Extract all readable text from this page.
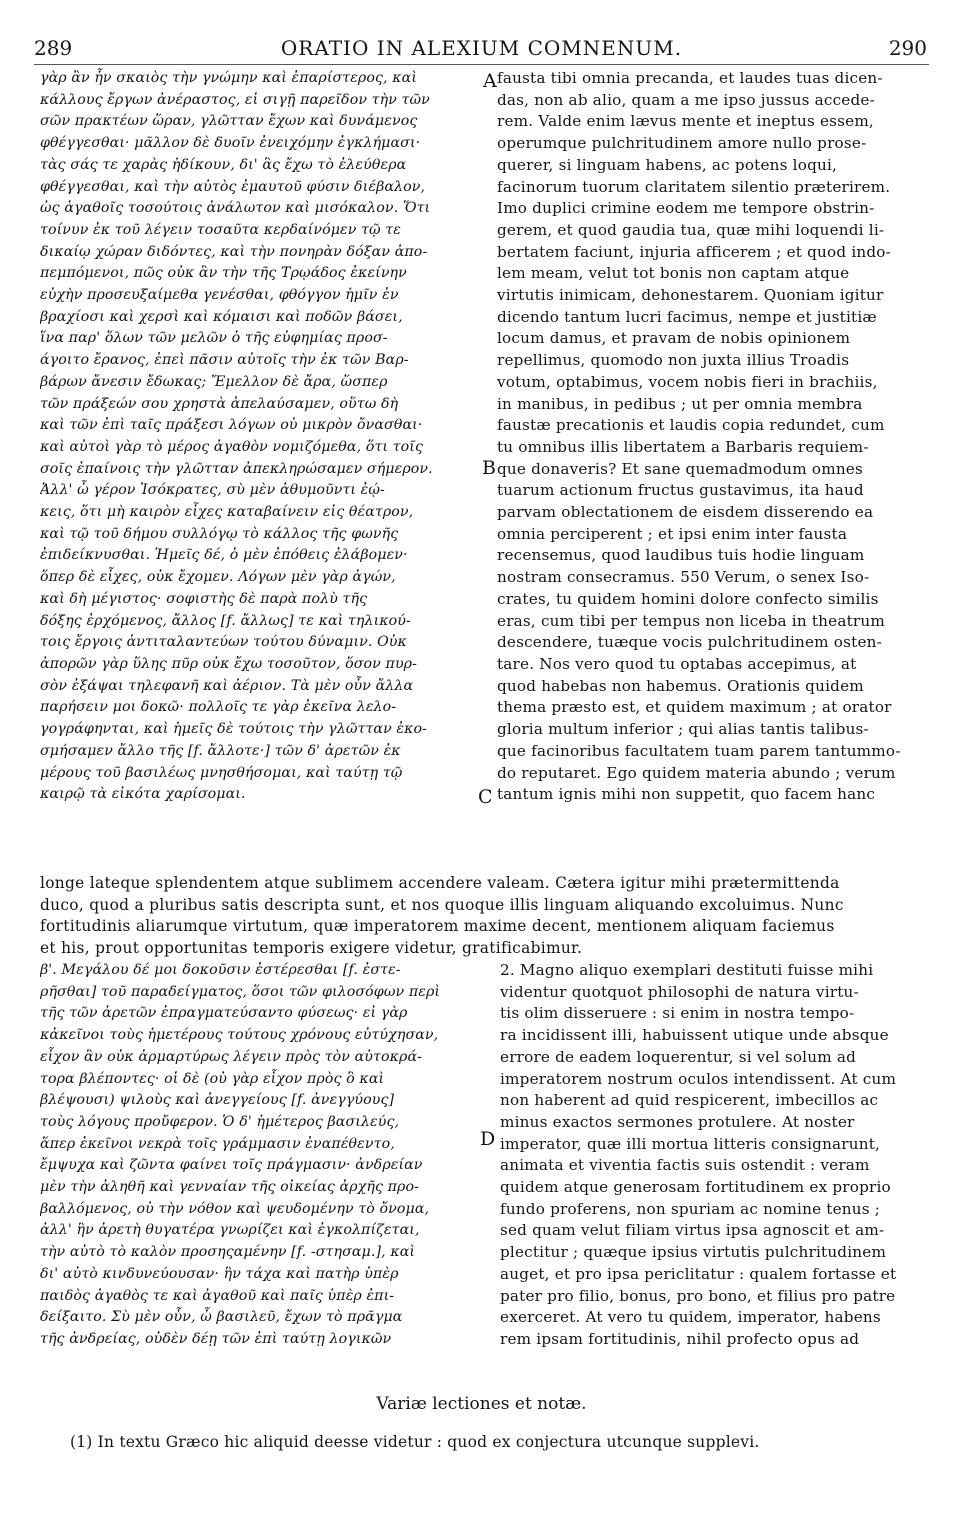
289	ORATIO IN ALEXIUM COMNENUM.	290
A
B
C
D
γὰρ ἂν ἦν σκαιὸς τὴν γνώμην καὶ ἐπαρίστερος, καὶ
κάλλους ἔργων ἀνέραστος, εἰ σιγῇ παρεῖδον τὴν τῶν
σῶν πρακτέων ὥραν, γλῶτταν ἔχων καὶ δυνάμενος
φθέγγεσθαι· μᾶλλον δὲ δυοῖν ἐνειχόμην ἐγκλήμασι·
τὰς σάς τε χαρὰς ἠδίκουν, δι' ἃς ἔχω τὸ ἐλεύθερα
φθέγγεσθαι, καὶ τὴν αὐτὸς ἐμαυτοῦ φύσιν διέβαλον,
ὡς ἀγαθοῖς τοσούτοις ἀνάλωτον καὶ μισόκαλον. Ὅτι
τοίνυν ἐκ τοῦ λέγειν τοσαῦτα κερδαίνόμεν τῷ τε
δικαίῳ χώραν διδόντες, καὶ τὴν πονηρὰν δόξαν ἀπο-
πεμπόμενοι, πῶς οὐκ ἂν τὴν τῆς Τρῳάδος ἐκείνην
εὐχὴν προσευξαίμεθα γενέσθαι, φθόγγον ἡμῖν ἐν
βραχίοσι καὶ χερσὶ καὶ κόμαισι καὶ ποδῶν βάσει,
ἵνα παρ' ὅλων τῶν μελῶν ὁ τῆς εὐφημίας προσ-
άγοιτο ἔρανος, ἐπεὶ πᾶσιν αὐτοῖς τὴν ἐκ τῶν Βαρ-
βάρων ἄνεσιν ἔδωκας; Ἔμελλον δὲ ἄρα, ὥσπερ
τῶν πράξεών σου χρηστὰ ἀπελαύσαμεν, οὕτω δὴ
καὶ τῶν ἐπὶ ταῖς πράξεσι λόγων οὐ μικρὸν ὄνασθαι·
καὶ αὐτοὶ γὰρ τὸ μέρος ἀγαθὸν νομιζόμεθα, ὅτι τοῖς
σοῖς ἐπαίνοις τὴν γλῶτταν ἀπεκληρώσαμεν σήμερον.
Ἀλλ' ὦ γέρον Ἰσόκρατες, σὺ μὲν ἀθυμοῦντι ἐῴ-
κεις, ὅτι μὴ καιρὸν εἶχες καταβαίνειν εἰς θέατρον,
καὶ τῷ τοῦ δήμου συλλόγῳ τὸ κάλλος τῆς φωνῆς
ἐπιδείκνυσθαι. Ἡμεῖς δέ, ὁ μὲν ἐπόθεις ἐλάβομεν·
ὅπερ δὲ εἶχες, οὐκ ἔχομεν. Λόγων μὲν γὰρ ἀγών,
καὶ δὴ μέγιστος· σοφιστὴς δὲ παρὰ πολὺ τῆς
δόξης ἐρχόμενος, ἄλλος [f. ἄλλως] τε καὶ τηλικού-
τοις ἔργοις ἀντιταλαντεύων τούτου δύναμιν. Οὐκ
ἀπορῶν γὰρ ὕλης πῦρ οὐκ ἔχω τοσοῦτον, ὅσον πυρ-
σὸν ἐξάψαι τηλεφανῆ καὶ ἀέριον. Τὰ μὲν οὖν ἄλλα
παρήσειν μοι δοκῶ· πολλοῖς τε γὰρ ἐκεῖνα λελο-
γογράφηνται, καὶ ἡμεῖς δὲ τούτοις τὴν γλῶτταν ἐκο-
σμήσαμεν ἄλλο τῆς [f. ἄλλοτε·] τῶν δ' ἀρετῶν ἐκ
μέρους τοῦ βασιλέως μνησθήσομαι, καὶ ταύτῃ τῷ
καιρῷ τὰ εἰκότα χαρίσομαι.
fausta tibi omnia precanda, et laudes tuas dicen-
das, non ab alio, quam a me ipso jussus accede-
rem. Valde enim lævus mente et ineptus essem,
operumque pulchritudinem amore nullo prose-
querer, si linguam habens, ac potens loqui,
facinorum tuorum claritatem silentio præterirem.
Imo duplici crimine eodem me tempore obstrin-
gerem, et quod gaudia tua, quæ mihi loquendi li-
bertatem faciunt, injuria afficerem ; et quod indo-
lem meam, velut tot bonis non captam atque
virtutis inimicam, dehonestarem. Quoniam igitur
dicendo tantum lucri facimus, nempe et justitiæ
locum damus, et pravam de nobis opinionem
repellimus, quomodo non juxta illius Troadis
votum, optabimus, vocem nobis fieri in brachiis,
in manibus, in pedibus ; ut per omnia membra
faustæ precationis et laudis copia redundet, cum
tu omnibus illis libertatem a Barbaris requiem-
que donaveris? Et sane quemadmodum omnes
tuarum actionum fructus gustavimus, ita haud
parvam oblectationem de eisdem disserendo ea
omnia perciperent ; et ipsi enim inter fausta
recensemus, quod laudibus tuis hodie linguam
nostram consecramus. 550 Verum, o senex Iso-
crates, tu quidem homini dolore confecto similis
eras, cum tibi per tempus non liceba in theatrum
descendere, tuæque vocis pulchritudinem osten-
tare. Nos vero quod tu optabas accepimus, at
quod habebas non habemus. Orationis quidem
thema præsto est, et quidem maximum ; at orator
gloria multum inferior ; qui alias tantis talibus-
que facinoribus facultatem tuam parem tantummo-
do reputaret. Ego quidem materia abundo ; verum
tantum ignis mihi non suppetit, quo facem hanc
longe lateque splendentem atque sublimem accendere valeam. Cætera igitur mihi prætermittenda
duco, quod a pluribus satis descripta sunt, et nos quoque illis linguam aliquando excoluimus. Nunc
fortitudinis aliarumque virtutum, quæ imperatorem maxime decent, mentionem aliquam faciemus
et his, prout opportunitas temporis exigere videtur, gratificabimur.
β'. Μεγάλου δέ μοι δοκοῦσιν ἐστέρεσθαι [f. ἐστε-
ρῆσθαι] τοῦ παραδείγματος, ὅσοι τῶν φιλοσόφων περὶ
τῆς τῶν ἀρετῶν ἐπραγματεύσαντο φύσεως· εἰ γὰρ
κἀκεῖνοι τοὺς ἡμετέρους τούτους χρόνους εὐτύχησαν,
εἶχον ἂν οὐκ ἀρμαρτύρως λέγειν πρὸς τὸν αὐτοκρά-
τορα βλέποντες· οἱ δὲ (οὐ γὰρ εἶχον πρὸς ὃ καὶ
βλέψουσι) ψιλοὺς καὶ ἀνεγγείους [f. ἀνεγγύους]
τοὺς λόγους προὔφερον. Ὁ δ' ἡμέτερος βασιλεύς,
ἅπερ ἐκεῖνοι νεκρὰ τοῖς γράμμασιν ἐναπέθεντο,
ἔμψυχα καὶ ζῶντα φαίνει τοῖς πράγμασιν· ἀνδρείαν
μὲν τὴν ἀληθῆ καὶ γενναίαν τῆς οἰκείας ἀρχῆς προ-
βαλλόμενος, οὐ τὴν νόθον καὶ ψευδομένην τὸ ὄνομα,
ἀλλ' ἣν ἀρετὴ θυγατέρα γνωρίζει καὶ ἐγκολπίζεται,
τὴν αὐτὸ τὸ καλὸν προσηςαμένην [f. -στησαμ.], καὶ
δι' αὐτὸ κινδυνεύουσαν· ἣν τάχα καὶ πατὴρ ὑπὲρ
παιδὸς ἀγαθὸς τε καὶ ἀγαθοῦ καὶ παῖς ὑπὲρ ἐπι-
δείξαιτο. Σὺ μὲν οὖν, ὦ βασιλεῦ, ἔχων τὸ πρᾶγμα
τῆς ἀνδρείας, οὐδὲν δέῃ τῶν ἐπὶ ταύτῃ λογικῶν
2. Magno aliquo exemplari destituti fuisse mihi
videntur quotquot philosophi de natura virtu-
tis olim disseruere : si enim in nostra tempo-
ra incidissent illi, habuissent utique unde absque
errore de eadem loquerentur, si vel solum ad
imperatorem nostrum oculos intendissent. At cum
non haberent ad quid respicerent, imbecillos ac
minus exactos sermones protulere. At noster
imperator, quæ illi mortua litteris consignarunt,
animata et viventia factis suis ostendit : veram
quidem atque generosam fortitudinem ex proprio
fundo proferens, non spuriam ac nomine tenus ;
sed quam velut filiam virtus ipsa agnoscit et am-
plectitur ; quæque ipsius virtutis pulchritudinem
auget, et pro ipsa periclitatur : qualem fortasse et
pater pro filio, bonus, pro bono, et filius pro patre
exerceret. At vero tu quidem, imperator, habens
rem ipsam fortitudinis, nihil profecto opus ad
Variæ lectiones et notæ.
(1) In textu Græco hic aliquid deesse videtur : quod ex conjectura utcunque supplevi.
